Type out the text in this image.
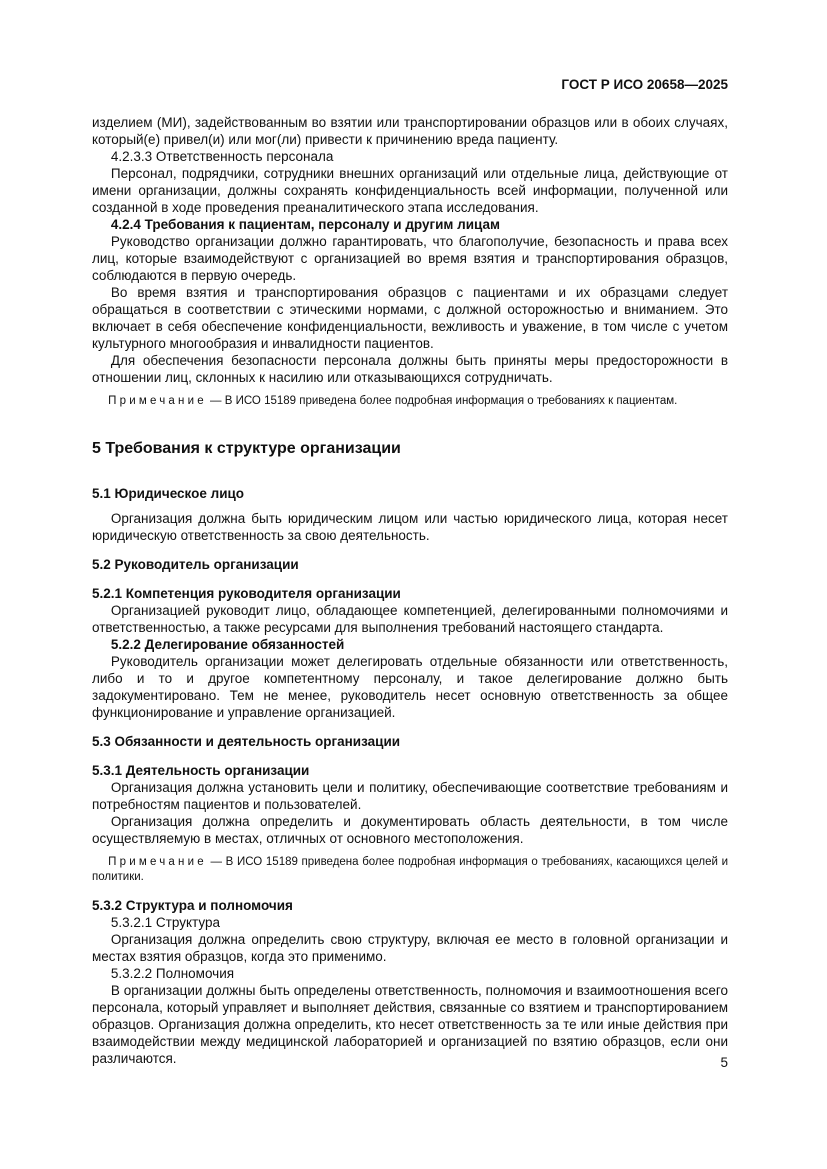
ГОСТ Р ИСО 20658—2025

изделием (МИ), задействованным во взятии или транспортировании образцов или в обоих случаях, который(е) привел(и) или мог(ли) привести к причинению вреда пациенту.

4.2.3.3 Ответственность персонала

Персонал, подрядчики, сотрудники внешних организаций или отдельные лица, действующие от имени организации, должны сохранять конфиденциальность всей информации, полученной или созданной в ходе проведения преаналитического этапа исследования.

4.2.4 Требования к пациентам, персоналу и другим лицам

Руководство организации должно гарантировать, что благополучие, безопасность и права всех лиц, которые взаимодействуют с организацией во время взятия и транспортирования образцов, соблюдаются в первую очередь.

Во время взятия и транспортирования образцов с пациентами и их образцами следует обращаться в соответствии с этическими нормами, с должной осторожностью и вниманием. Это включает в себя обеспечение конфиденциальности, вежливость и уважение, в том числе с учетом культурного многообразия и инвалидности пациентов.

Для обеспечения безопасности персонала должны быть приняты меры предосторожности в отношении лиц, склонных к насилию или отказывающихся сотрудничать.

Примечание — В ИСО 15189 приведена более подробная информация о требованиях к пациентам.

5 Требования к структуре организации

5.1 Юридическое лицо

Организация должна быть юридическим лицом или частью юридического лица, которая несет юридическую ответственность за свою деятельность.

5.2 Руководитель организации

5.2.1 Компетенция руководителя организации

Организацией руководит лицо, обладающее компетенцией, делегированными полномочиями и ответственностью, а также ресурсами для выполнения требований настоящего стандарта.

5.2.2 Делегирование обязанностей

Руководитель организации может делегировать отдельные обязанности или ответственность, либо и то и другое компетентному персоналу, и такое делегирование должно быть задокументировано. Тем не менее, руководитель несет основную ответственность за общее функционирование и управление организацией.

5.3 Обязанности и деятельность организации

5.3.1 Деятельность организации

Организация должна установить цели и политику, обеспечивающие соответствие требованиям и потребностям пациентов и пользователей.

Организация должна определить и документировать область деятельности, в том числе осуществляемую в местах, отличных от основного местоположения.

Примечание — В ИСО 15189 приведена более подробная информация о требованиях, касающихся целей и политики.

5.3.2 Структура и полномочия

5.3.2.1 Структура

Организация должна определить свою структуру, включая ее место в головной организации и местах взятия образцов, когда это применимо.

5.3.2.2 Полномочия

В организации должны быть определены ответственность, полномочия и взаимоотношения всего персонала, который управляет и выполняет действия, связанные со взятием и транспортированием образцов. Организация должна определить, кто несет ответственность за те или иные действия при взаимодействии между медицинской лабораторией и организацией по взятию образцов, если они различаются.	5
